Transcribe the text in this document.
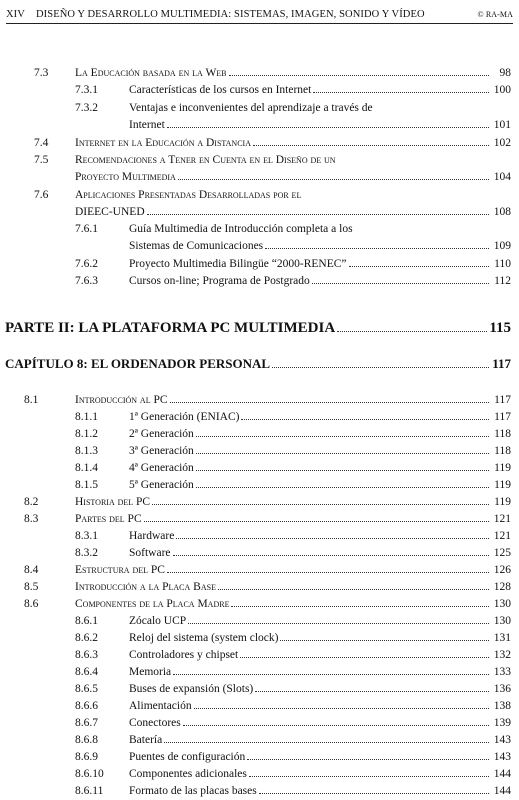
XIV DISEÑO Y DESARROLLO MULTIMEDIA: SISTEMAS, IMAGEN, SONIDO Y VÍDEO	© RA-MA
7.3 La Educación basada en la Web	98
7.3.1	Características de los cursos en Internet	100
7.3.2	Ventajas e inconvenientes del aprendizaje a través de
Internet	101
7.4 Internet en la Educación a Distancia	102
7.5 Recomendaciones a Tener en Cuenta en el Diseño de un
Proyecto Multimedia	104
7.6 Aplicaciones Presentadas Desarrolladas por el
DIEEC-UNED	108
7.6.1	Guía Multimedia de Introducción completa a los
Sistemas de Comunicaciones	109
7.6.2	Proyecto Multimedia Bilingüe “2000-RENEC”	110
7.6.3	Cursos on-line; Programa de Postgrado	112
PARTE II: LA PLATAFORMA PC MULTIMEDIA	115
CAPÍTULO 8: EL ORDENADOR PERSONAL	117
8.1	Introducción al PC	117
8.1.1	1ª Generación (ENIAC)	117
8.1.2	2ª Generación	118
8.1.3	3ª Generación	118
8.1.4	4ª Generación	119
8.1.5	5ª Generación	119
8.2	Historia del PC	119
8.3	Partes del PC	121
8.3.1	Hardware	121
8.3.2	Software	125
8.4	Estructura del PC	126
8.5	Introducción a la Placa Base	128
8.6	Componentes de la Placa Madre	130
8.6.1	Zócalo UCP	130
8.6.2	Reloj del sistema (system clock)	131
8.6.3	Controladores y chipset	132
8.6.4	Memoria	133
8.6.5	Buses de expansión (Slots)	136
8.6.6	Alimentación	138
8.6.7	Conectores	139
8.6.8	Batería	143
8.6.9	Puentes de configuración	143
8.6.10 Componentes adicionales	144
8.6.11 Formato de las placas bases	144
